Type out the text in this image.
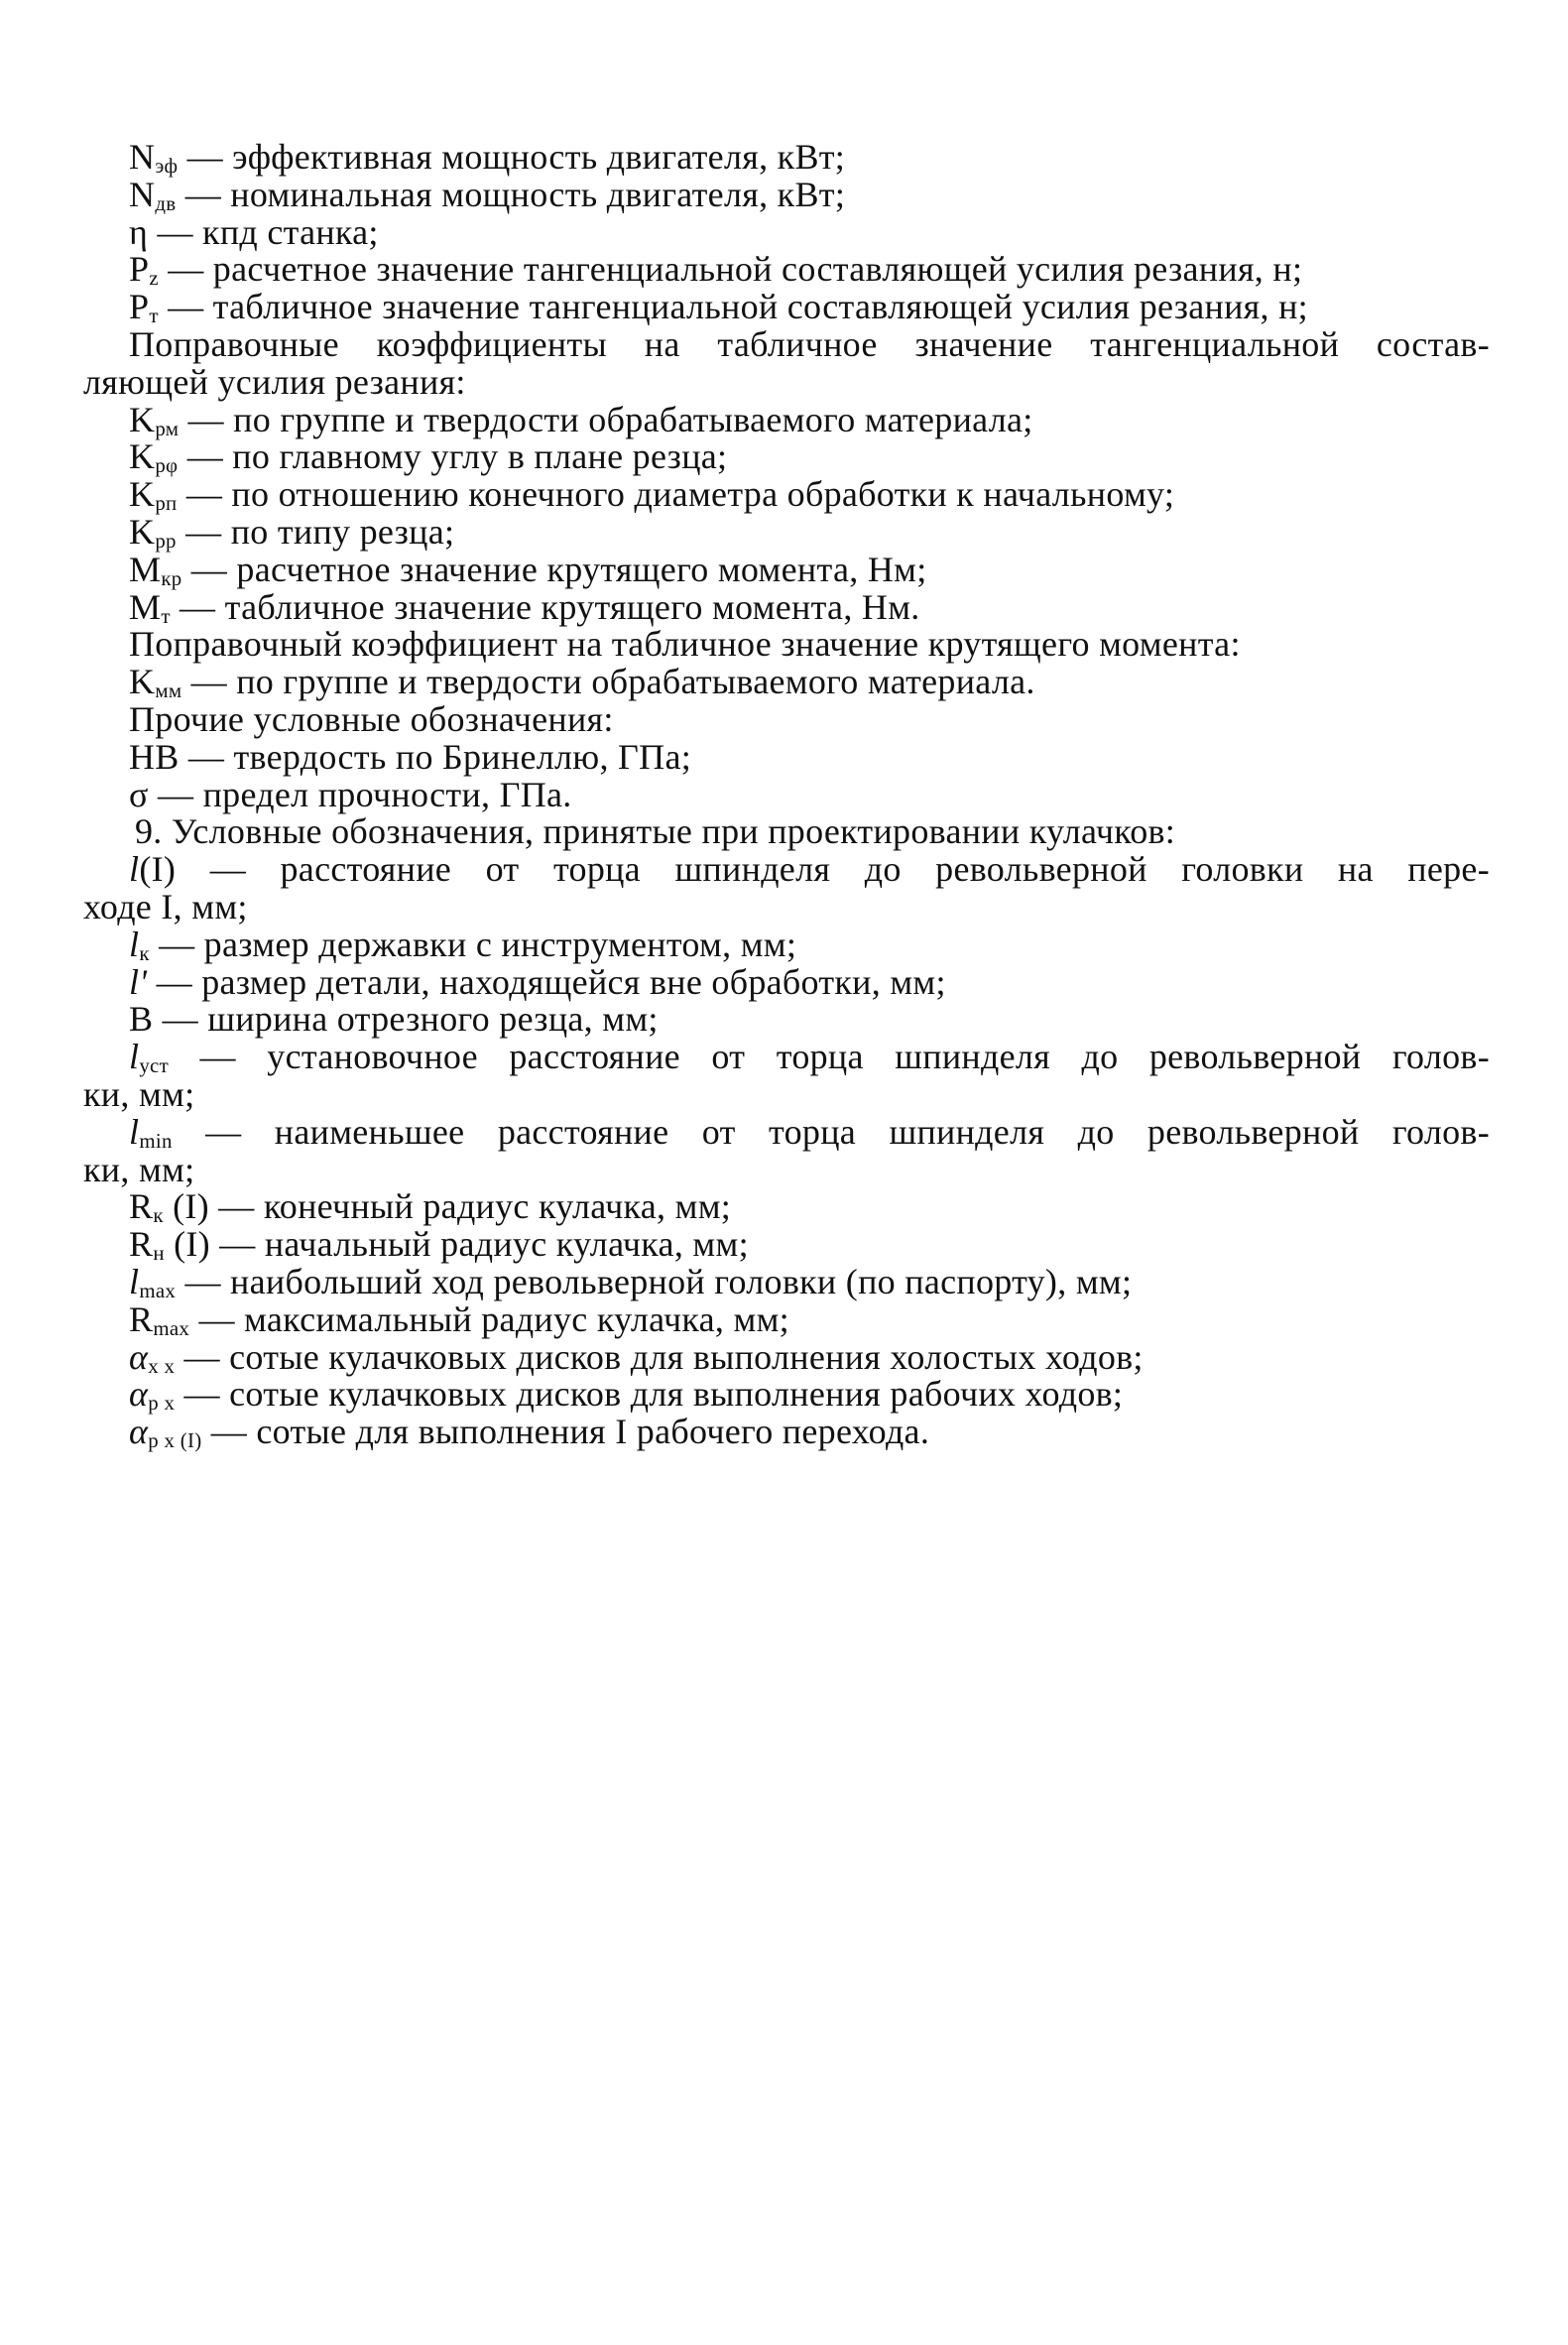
$N_{эф}$ — эффективная мощность двигателя, кВт;
$N_{дв}$ — номинальная мощность двигателя, кВт;
η — кпд станка;
$P_z$ — расчетное значение тангенциальной составляющей усилия резания, н;
$P_т$ — табличное значение тангенциальной составляющей усилия резания, н;
Поправочные коэффициенты на табличное значение тангенциальной состав-
ляющей усилия резания:
$K_{рм}$ — по группе и твердости обрабатываемого материала;
$K_{р\varphi}$ — по главному углу в плане резца;
$K_{рп}$ — по отношению конечного диаметра обработки к начальному;
$K_{рр}$ — по типу резца;
$M_{кр}$ — расчетное значение крутящего момента, Нм;
$M_т$ — табличное значение крутящего момента, Нм.
Поправочный коэффициент на табличное значение крутящего момента:
$K_{мм}$ — по группе и твердости обрабатываемого материала.
Прочие условные обозначения:
HB — твердость по Бринеллю, ГПа;
σ — предел прочности, ГПа.
9. Условные обозначения, принятые при проектировании кулачков:
l(I) — расстояние от торца шпинделя до револьверной головки на пере-
ходе I, мм;
$l_к$ — размер державки с инструментом, мм;
l' — размер детали, находящейся вне обработки, мм;
B — ширина отрезного резца, мм;
$l_{уст}$ — установочное расстояние от торца шпинделя до револьверной голов-
ки, мм;
$l_{min}$ — наименьшее расстояние от торца шпинделя до револьверной голов-
ки, мм;
$R_к$ (I) — конечный радиус кулачка, мм;
$R_н$ (I) — начальный радиус кулачка, мм;
$l_{max}$ — наибольший ход револьверной головки (по паспорту), мм;
$R_{max}$ — максимальный радиус кулачка, мм;
$\alpha_{х х}$ — сотые кулачковых дисков для выполнения холостых ходов;
$\alpha_{р х}$ — сотые кулачковых дисков для выполнения рабочих ходов;
$\alpha_{р х (I)}$ — сотые для выполнения I рабочего перехода.
